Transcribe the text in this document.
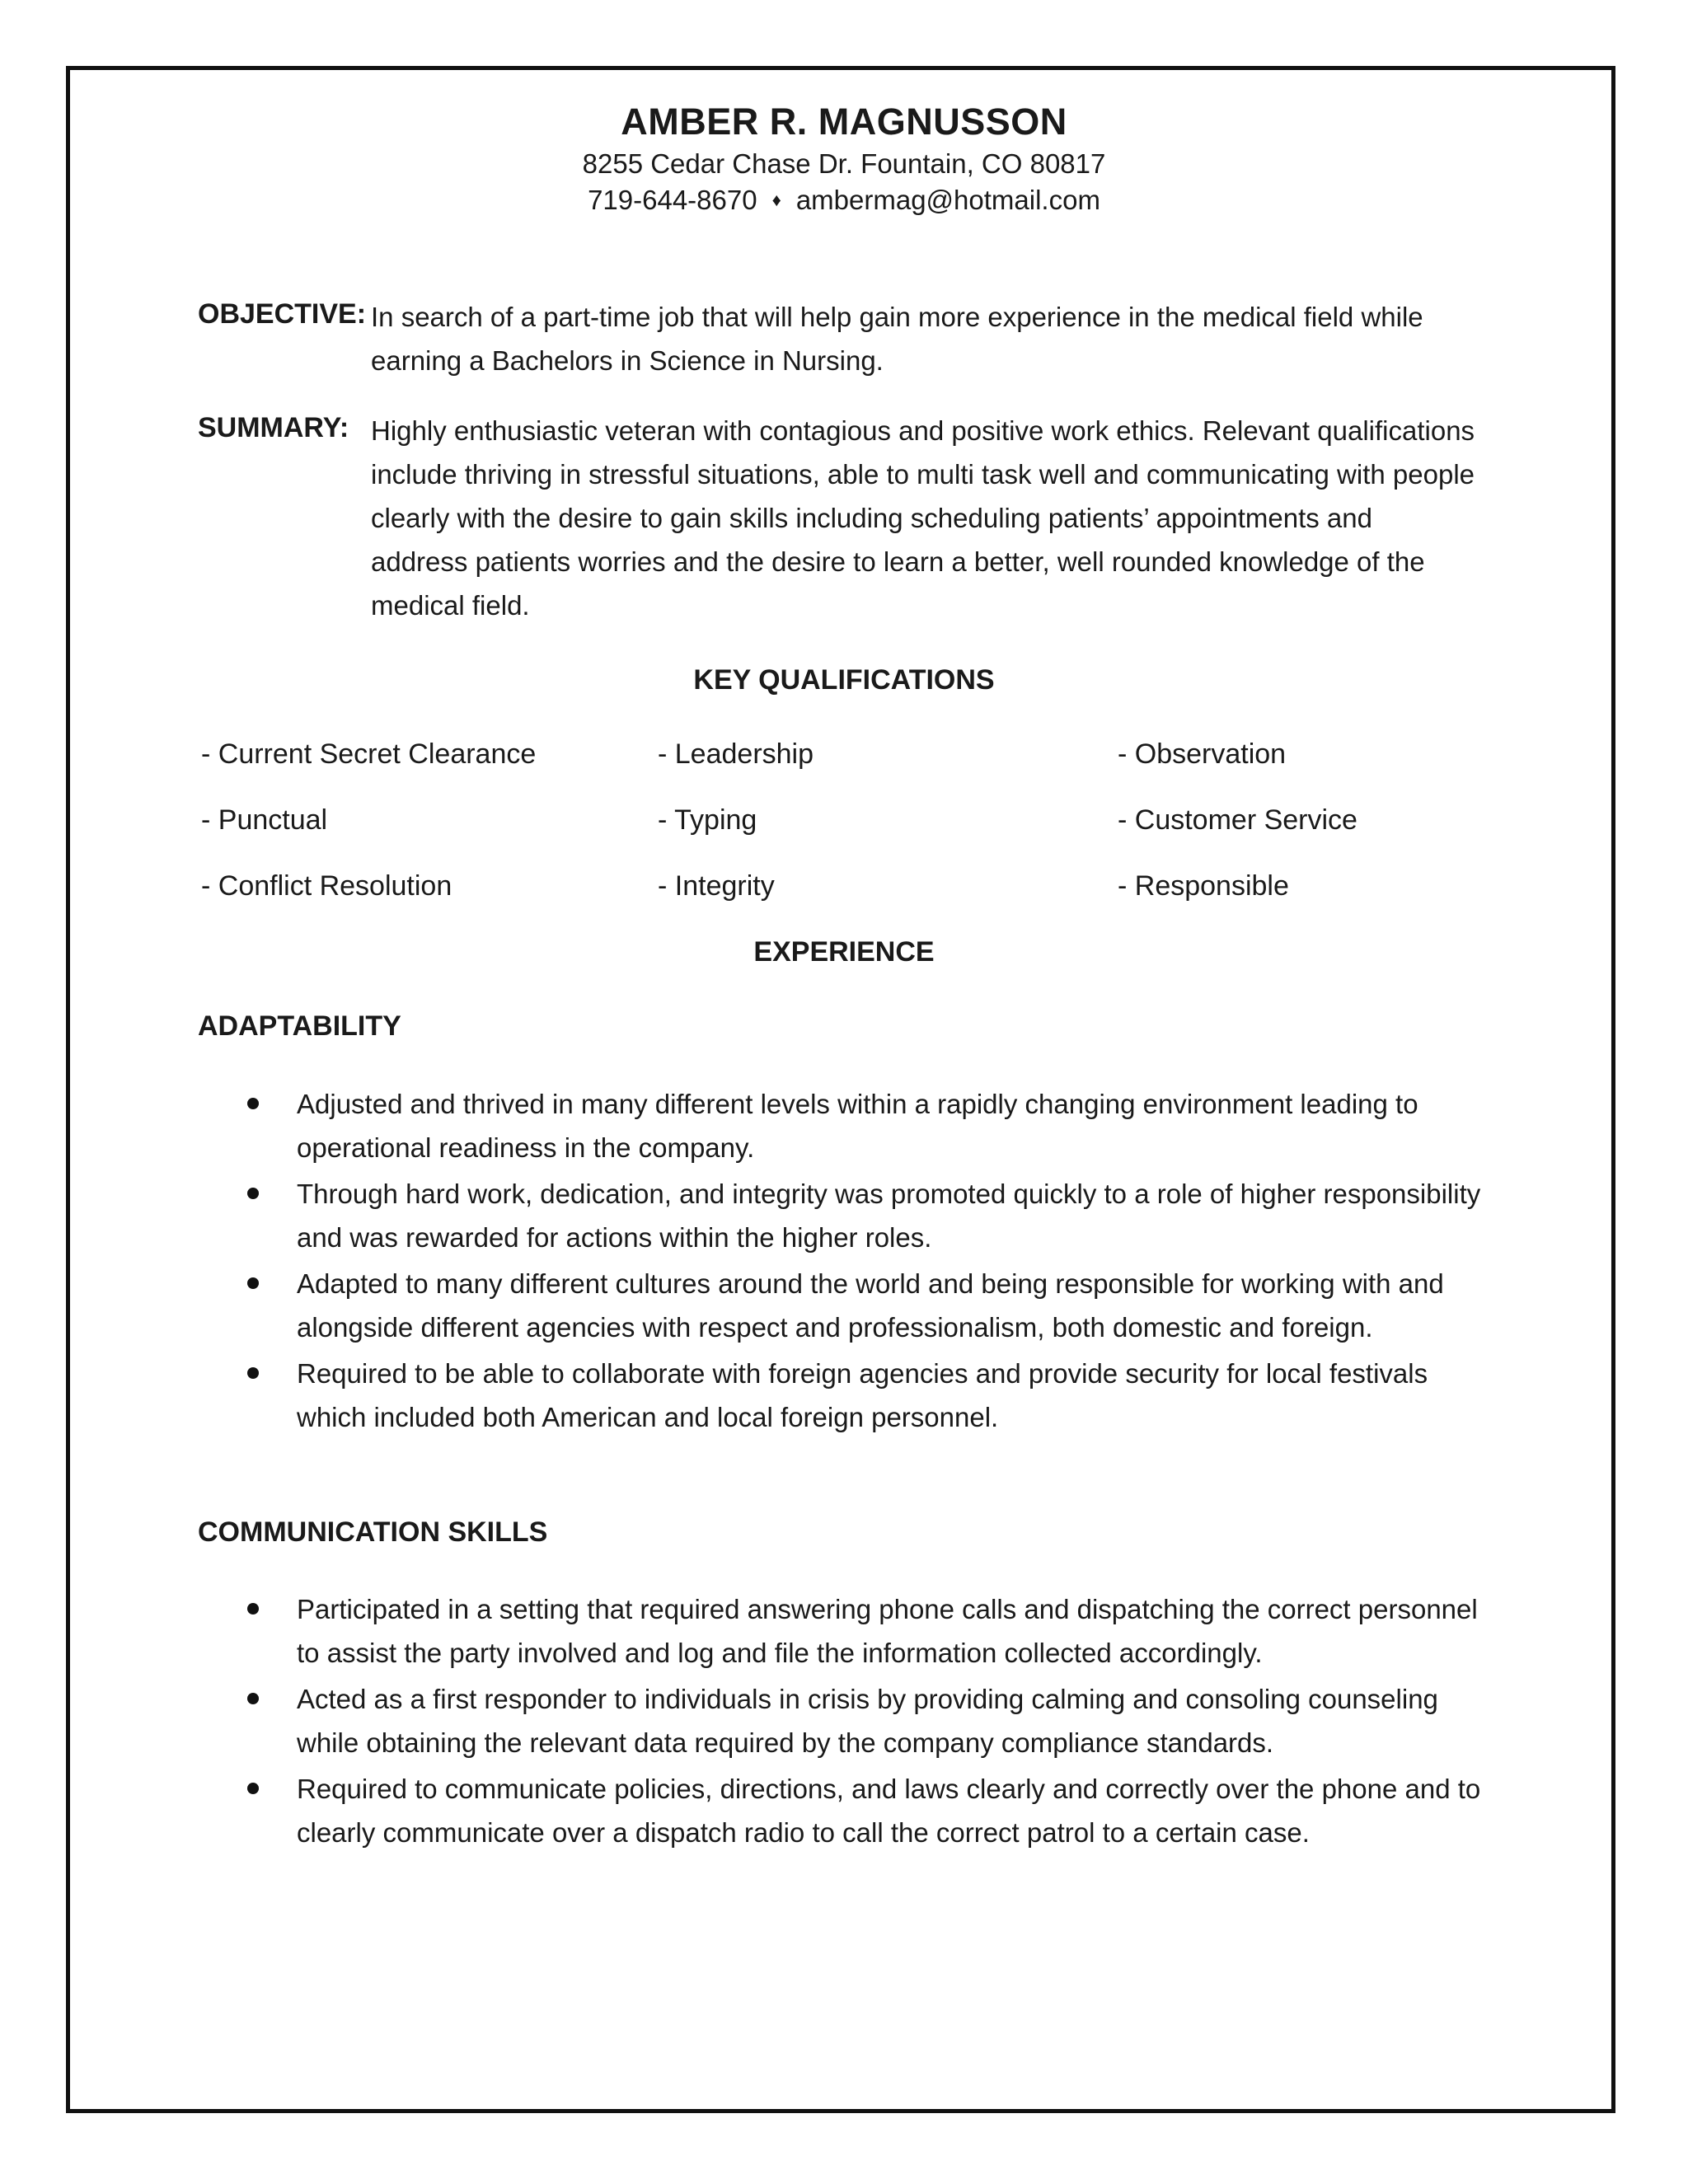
AMBER R. MAGNUSSON
8255 Cedar Chase Dr. Fountain, CO 80817
719-644-8670 ♦ ambermag@hotmail.com
OBJECTIVE: In search of a part-time job that will help gain more experience in the medical field while earning a Bachelors in Science in Nursing.
SUMMARY: Highly enthusiastic veteran with contagious and positive work ethics. Relevant qualifications include thriving in stressful situations, able to multi task well and communicating with people clearly with the desire to gain skills including scheduling patients’ appointments and address patients worries and the desire to learn a better, well rounded knowledge of the medical field.
KEY QUALIFICATIONS
- Current Secret Clearance	- Leadership	- Observation
- Punctual	- Typing	- Customer Service
- Conflict Resolution	- Integrity	- Responsible
EXPERIENCE
ADAPTABILITY
Adjusted and thrived in many different levels within a rapidly changing environment leading to operational readiness in the company.
Through hard work, dedication, and integrity was promoted quickly to a role of higher responsibility and was rewarded for actions within the higher roles.
Adapted to many different cultures around the world and being responsible for working with and alongside different agencies with respect and professionalism, both domestic and foreign.
Required to be able to collaborate with foreign agencies and provide security for local festivals which included both American and local foreign personnel.
COMMUNICATION SKILLS
Participated in a setting that required answering phone calls and dispatching the correct personnel to assist the party involved and log and file the information collected accordingly.
Acted as a first responder to individuals in crisis by providing calming and consoling counseling while obtaining the relevant data required by the company compliance standards.
Required to communicate policies, directions, and laws clearly and correctly over the phone and to clearly communicate over a dispatch radio to call the correct patrol to a certain case.
